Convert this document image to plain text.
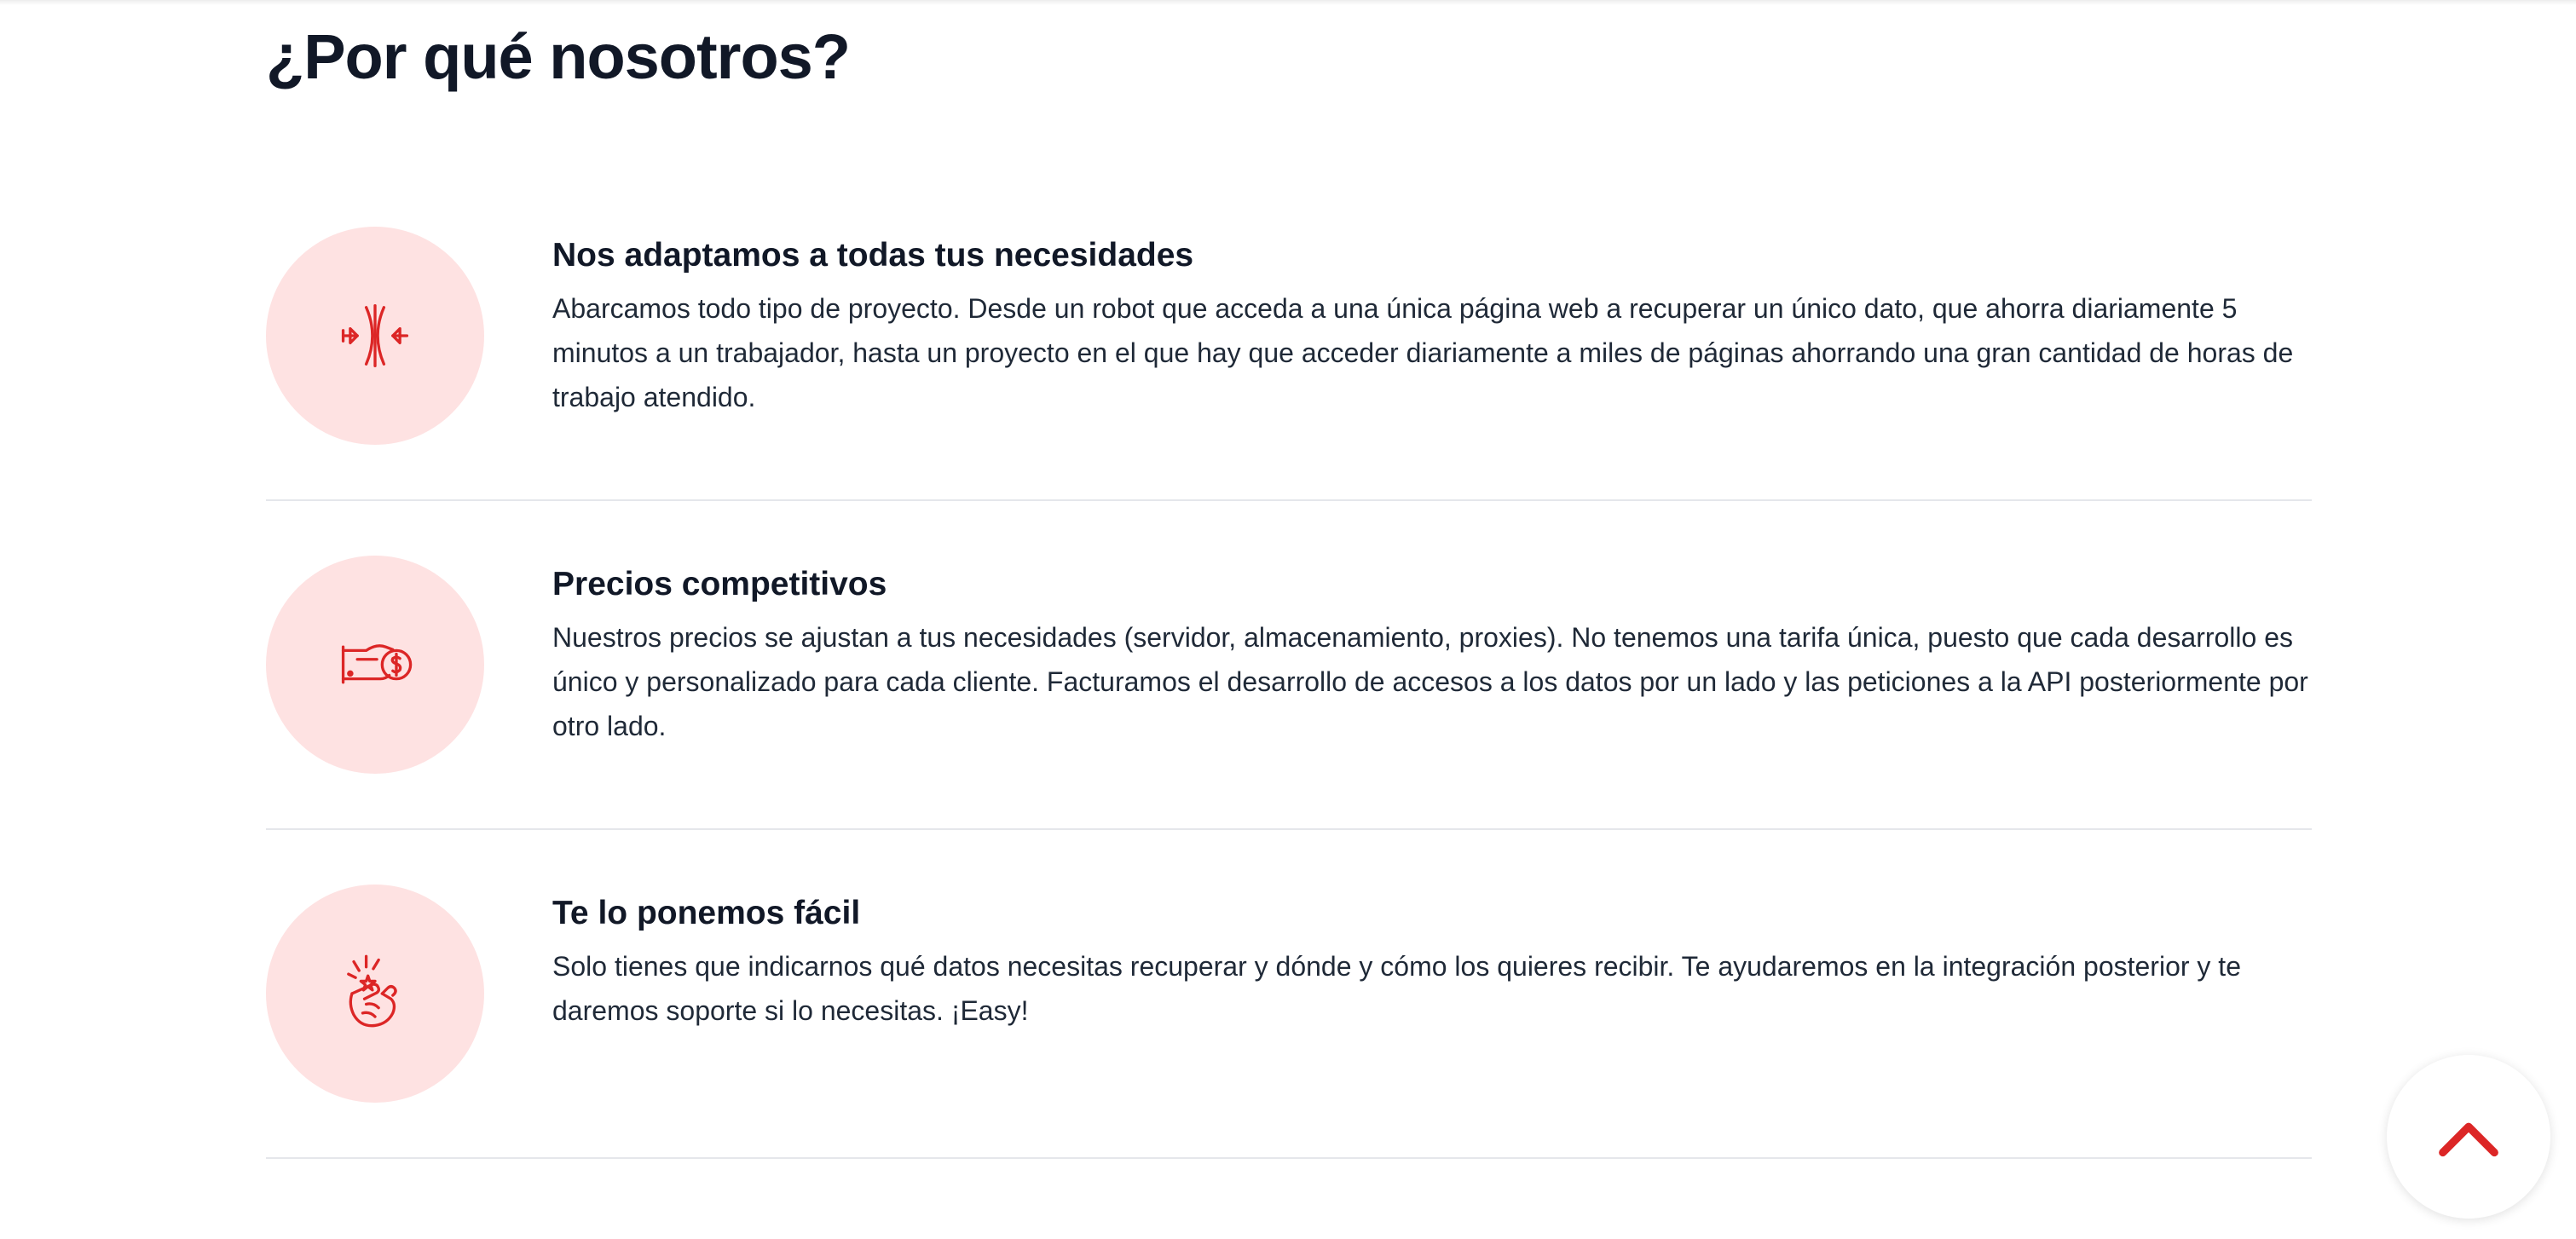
¿Por qué nosotros?
Nos adaptamos a todas tus necesidades

Abarcamos todo tipo de proyecto. Desde un robot que acceda a una única página web a recuperar un único dato, que ahorra diariamente 5 minutos a un trabajador, hasta un proyecto en el que hay que acceder diariamente a miles de páginas ahorrando una gran cantidad de horas de trabajo atendido.

Precios competitivos

Nuestros precios se ajustan a tus necesidades (servidor, almacenamiento, proxies). No tenemos una tarifa única, puesto que cada desarrollo es único y personalizado para cada cliente. Facturamos el desarrollo de accesos a los datos por un lado y las peticiones a la API posteriormente por otro lado.

Te lo ponemos fácil

Solo tienes que indicarnos qué datos necesitas recuperar y dónde y cómo los quieres recibir. Te ayudaremos en la integración posterior y te daremos soporte si lo necesitas. ¡Easy!
